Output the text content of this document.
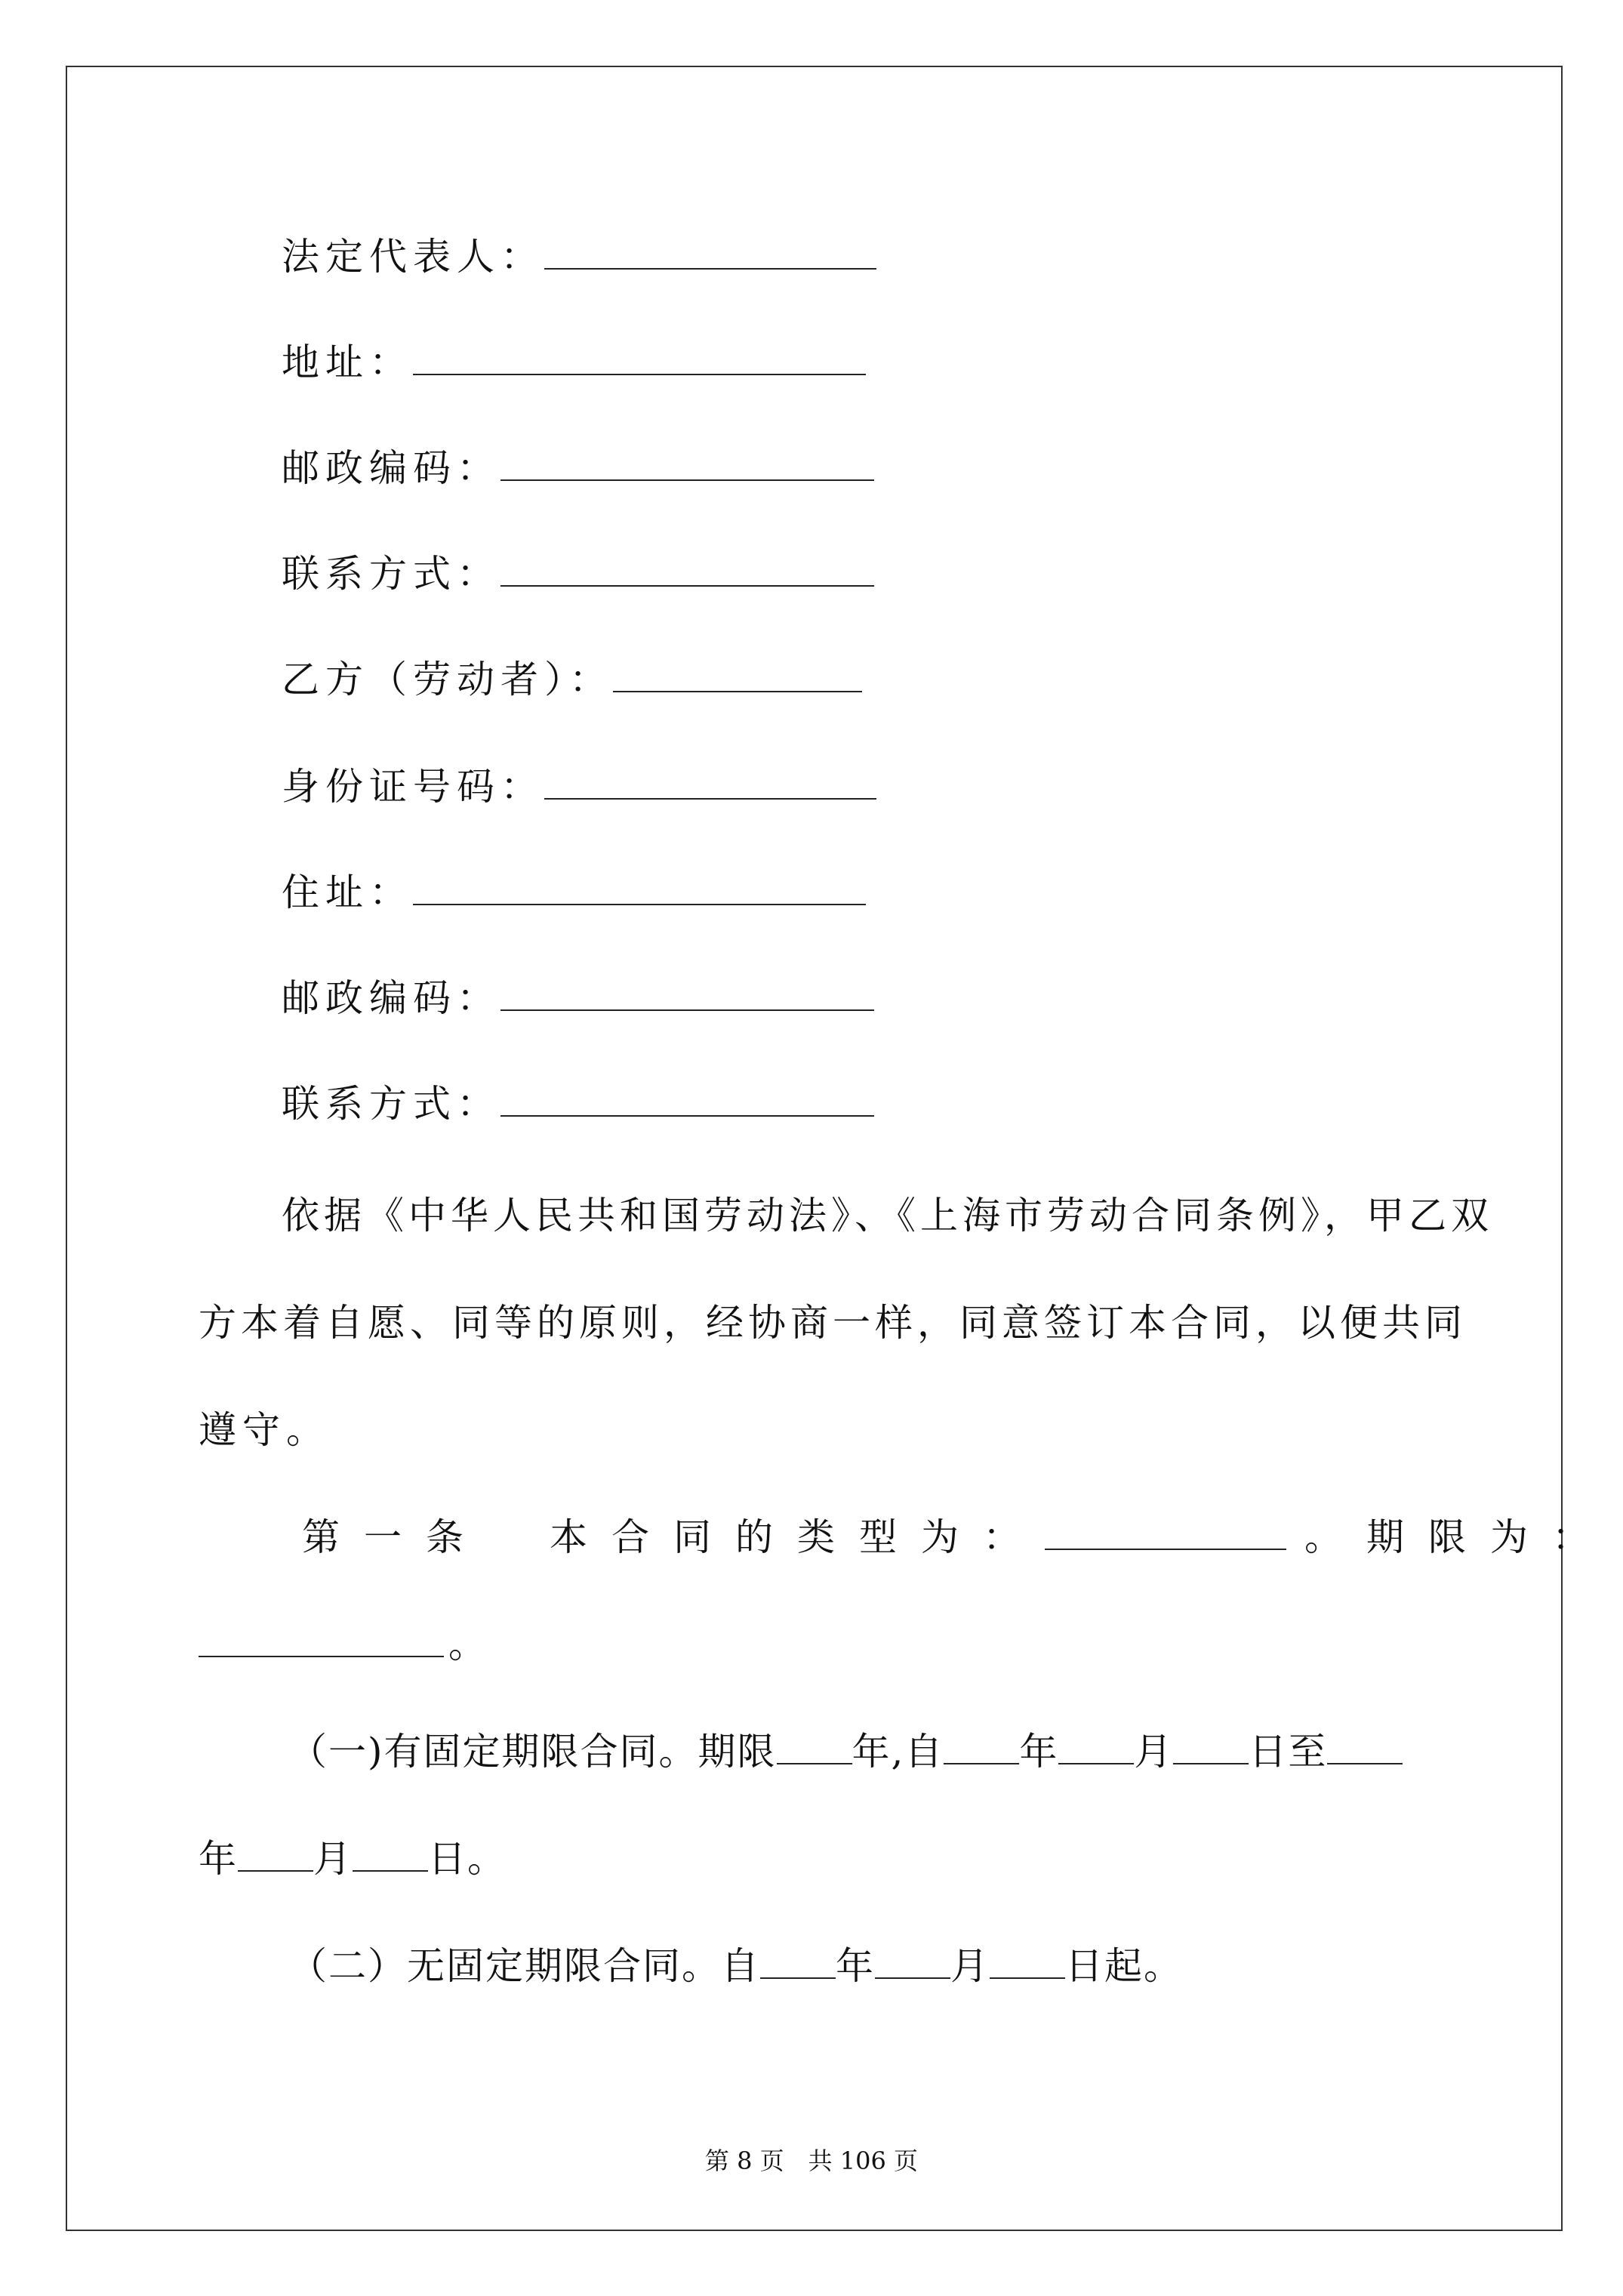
法定代表人：
地址：
邮政编码：
联系方式：
乙方（劳动者）：
身份证号码：
住址：
邮政编码：
联系方式：
依据《中华人民共和国劳动法》、《上海市劳动合同条例》，甲乙双
方本着自愿、同等的原则，经协商一样，同意签订本合同，以便共同
遵守。
第一条　本合同的类型为：	。期限为：
。
（一)有固定期限合同。期限 年,自 年 月 日至
年 月 日。
（二）无固定期限合同。自 年 月 日起。
第 8 页　共 106 页
